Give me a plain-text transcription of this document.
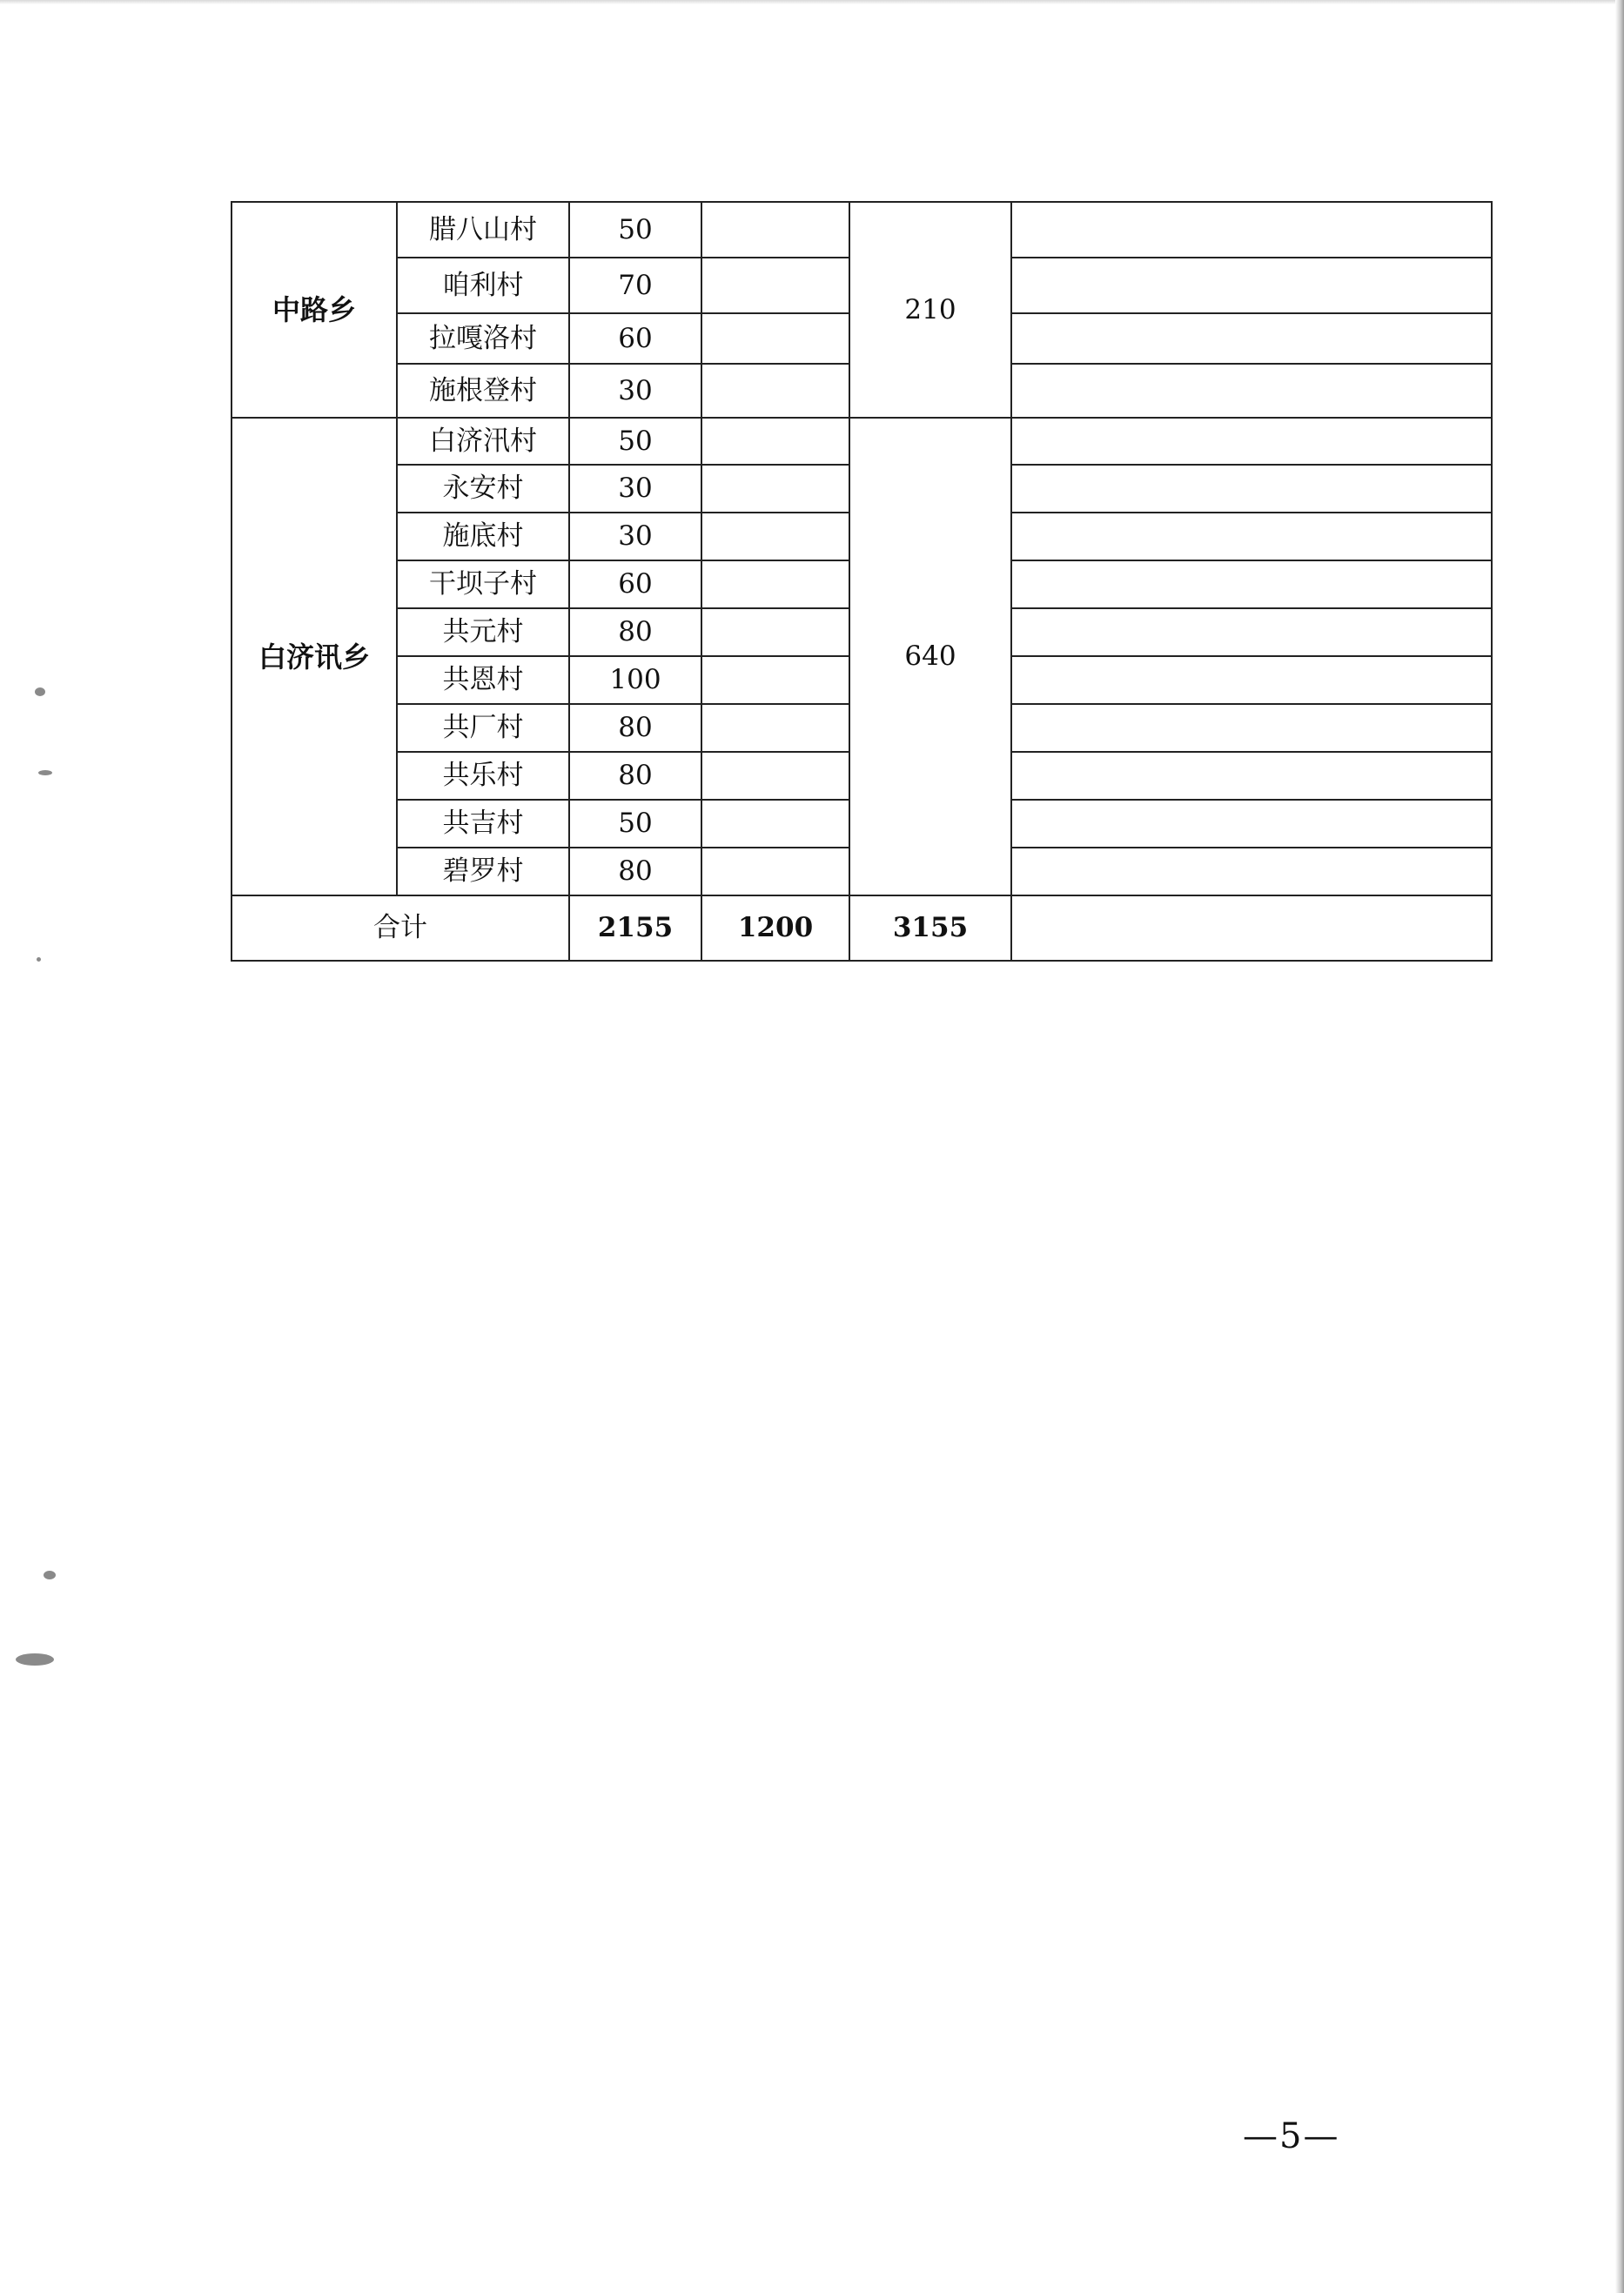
中路乡	腊八山村	50		210	
	咱利村	70			
	拉嘎洛村	60			
	施根登村	30			
白济讯乡	白济汛村	50		640	
	永安村	30			
	施底村	30			
	干坝子村	60			
	共元村	80			
	共恩村	100			
	共厂村	80			
	共乐村	80			
	共吉村	50			
	碧罗村	80			
合计		2155	1200	3155	
—5—
